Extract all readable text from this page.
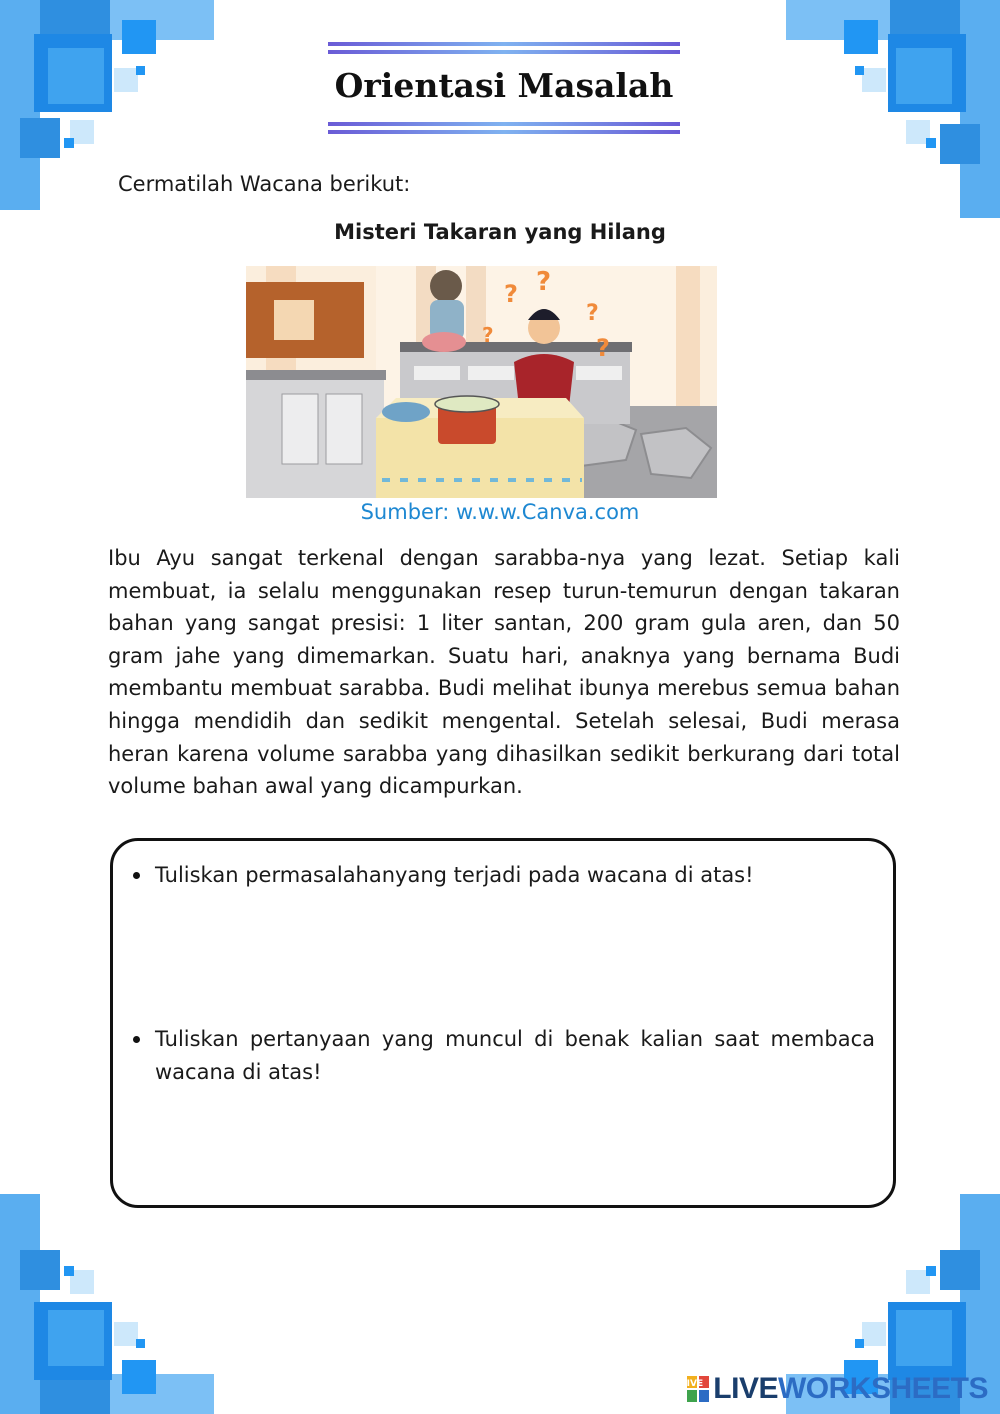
Orientasi Masalah
Cermatilah Wacana berikut:
Misteri Takaran yang Hilang
? ?
?
?
?
Sumber: w.w.w.Canva.com
Ibu Ayu sangat terkenal dengan sarabba-nya yang lezat. Setiap kali membuat, ia selalu menggunakan resep turun-temurun dengan takaran bahan yang sangat presisi: 1 liter santan, 200 gram gula aren, dan 50 gram jahe yang dimemarkan. Suatu hari, anaknya yang bernama Budi membantu membuat sarabba. Budi melihat ibunya merebus semua bahan hingga mendidih dan sedikit mengental. Setelah selesai, Budi merasa heran karena volume sarabba yang dihasilkan sedikit berkurang dari total volume bahan awal yang dicampurkan.
Tuliskan permasalahanyang terjadi pada wacana di atas!
Tuliskan pertanyaan yang muncul di benak kalian saat membaca wacana di atas!
LIVE LIVEWORKSHEETS
